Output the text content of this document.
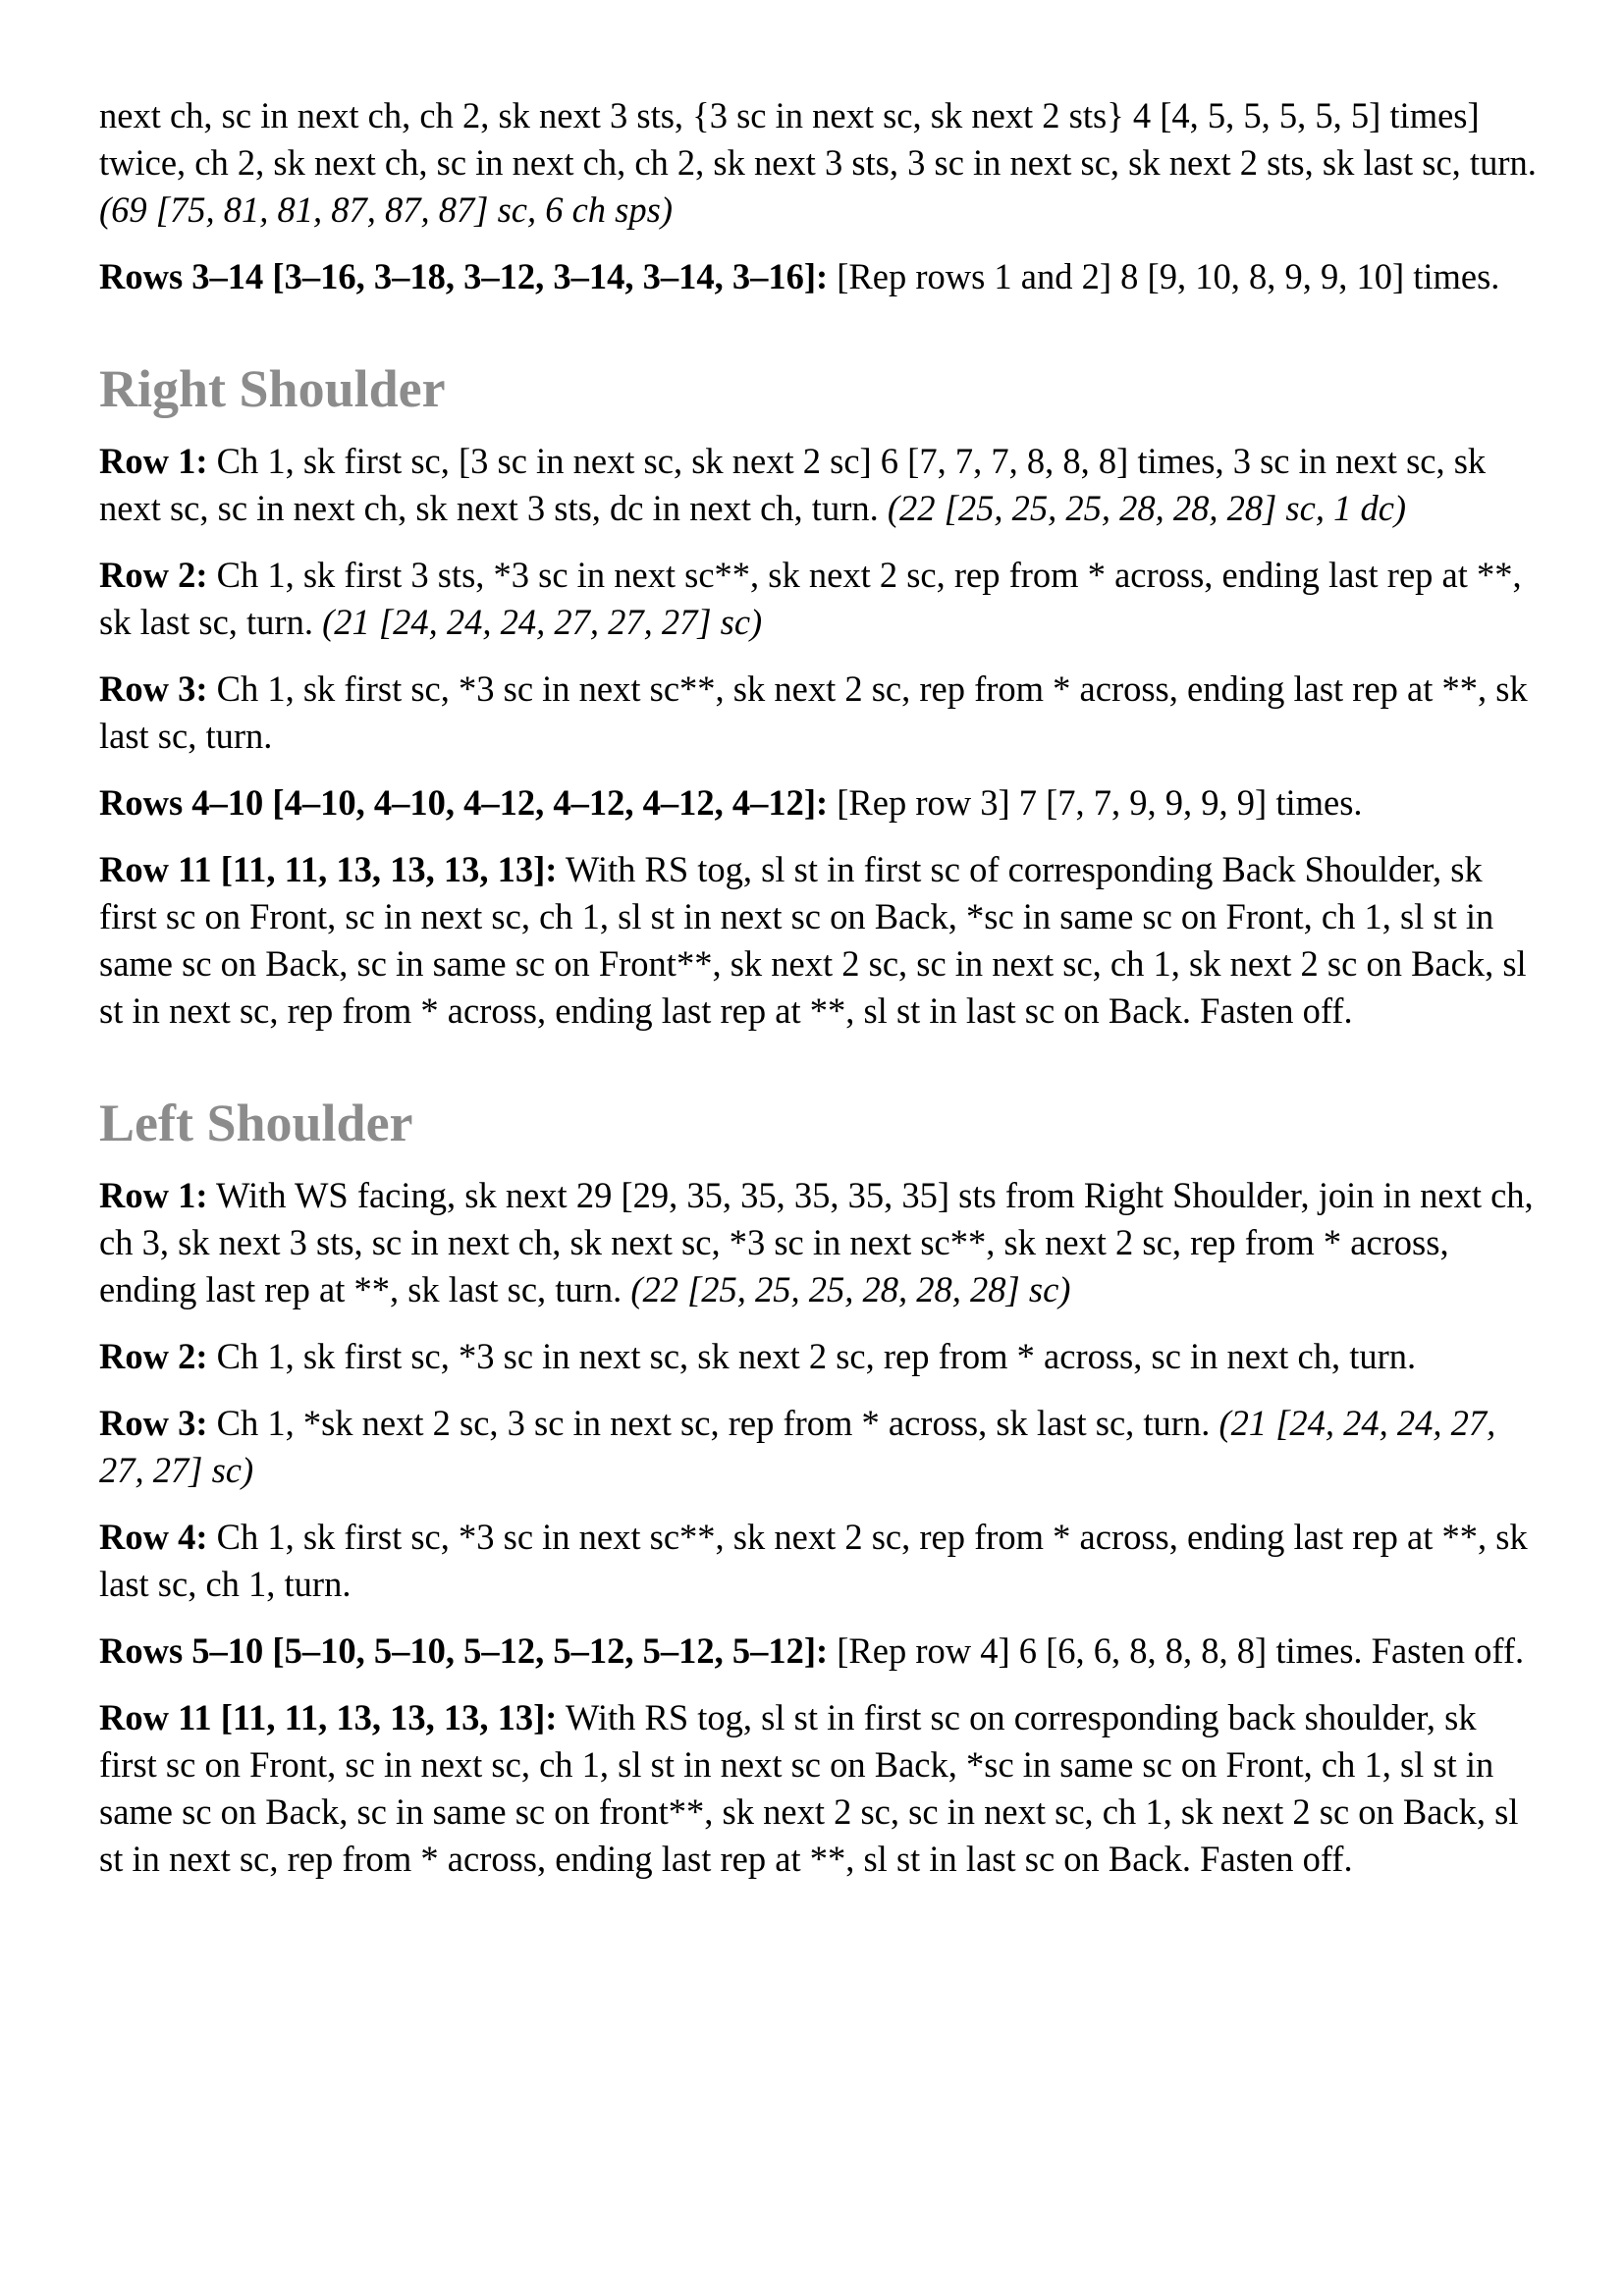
next ch, sc in next ch, ch 2, sk next 3 sts, {3 sc in next sc, sk next 2 sts} 4 [4, 5, 5, 5, 5, 5] times] twice, ch 2, sk next ch, sc in next ch, ch 2, sk next 3 sts, 3 sc in next sc, sk next 2 sts, sk last sc, turn. (69 [75, 81, 81, 87, 87, 87] sc, 6 ch sps)

Rows 3–14 [3–16, 3–18, 3–12, 3–14, 3–14, 3–16]: [Rep rows 1 and 2] 8 [9, 10, 8, 9, 9, 10] times.

Right Shoulder

Row 1: Ch 1, sk first sc, [3 sc in next sc, sk next 2 sc] 6 [7, 7, 7, 8, 8, 8] times, 3 sc in next sc, sk next sc, sc in next ch, sk next 3 sts, dc in next ch, turn. (22 [25, 25, 25, 28, 28, 28] sc, 1 dc)

Row 2: Ch 1, sk first 3 sts, *3 sc in next sc**, sk next 2 sc, rep from * across, ending last rep at **, sk last sc, turn. (21 [24, 24, 24, 27, 27, 27] sc)

Row 3: Ch 1, sk first sc, *3 sc in next sc**, sk next 2 sc, rep from * across, ending last rep at **, sk last sc, turn.

Rows 4–10 [4–10, 4–10, 4–12, 4–12, 4–12, 4–12]: [Rep row 3] 7 [7, 7, 9, 9, 9, 9] times.

Row 11 [11, 11, 13, 13, 13, 13]: With RS tog, sl st in first sc of corresponding Back Shoulder, sk first sc on Front, sc in next sc, ch 1, sl st in next sc on Back, *sc in same sc on Front, ch 1, sl st in same sc on Back, sc in same sc on Front**, sk next 2 sc, sc in next sc, ch 1, sk next 2 sc on Back, sl st in next sc, rep from * across, ending last rep at **, sl st in last sc on Back. Fasten off.

Left Shoulder

Row 1: With WS facing, sk next 29 [29, 35, 35, 35, 35, 35] sts from Right Shoulder, join in next ch, ch 3, sk next 3 sts, sc in next ch, sk next sc, *3 sc in next sc**, sk next 2 sc, rep from * across, ending last rep at **, sk last sc, turn. (22 [25, 25, 25, 28, 28, 28] sc)

Row 2: Ch 1, sk first sc, *3 sc in next sc, sk next 2 sc, rep from * across, sc in next ch, turn.

Row 3: Ch 1, *sk next 2 sc, 3 sc in next sc, rep from * across, sk last sc, turn. (21 [24, 24, 24, 27, 27, 27] sc)

Row 4: Ch 1, sk first sc, *3 sc in next sc**, sk next 2 sc, rep from * across, ending last rep at **, sk last sc, ch 1, turn.

Rows 5–10 [5–10, 5–10, 5–12, 5–12, 5–12, 5–12]: [Rep row 4] 6 [6, 6, 8, 8, 8, 8] times. Fasten off.

Row 11 [11, 11, 13, 13, 13, 13]: With RS tog, sl st in first sc on corresponding back shoulder, sk first sc on Front, sc in next sc, ch 1, sl st in next sc on Back, *sc in same sc on Front, ch 1, sl st in same sc on Back, sc in same sc on front**, sk next 2 sc, sc in next sc, ch 1, sk next 2 sc on Back, sl st in next sc, rep from * across, ending last rep at **, sl st in last sc on Back. Fasten off.
